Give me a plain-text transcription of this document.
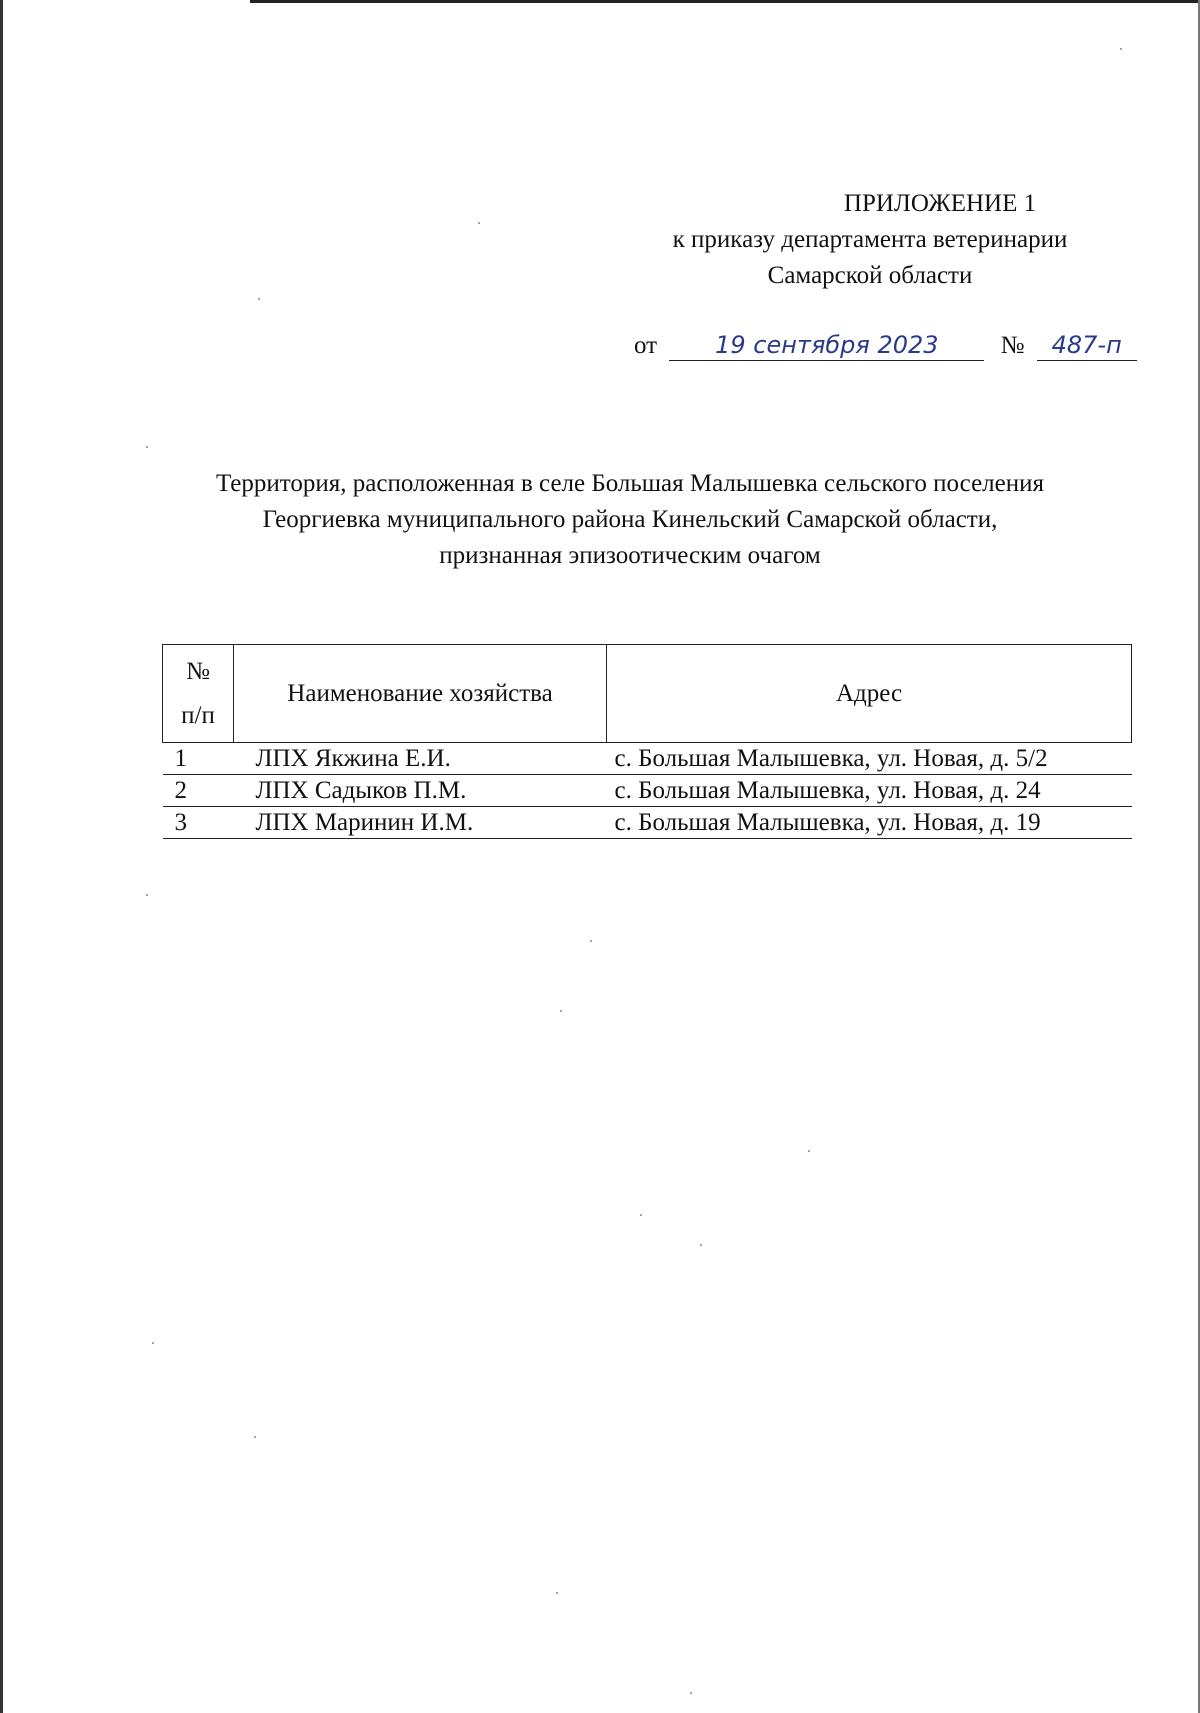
ПРИЛОЖЕНИЕ 1
к приказу департамента ветеринарии
Самарской области
от 19 сентября 2023 № 487-п
Территория, расположенная в селе Большая Малышевка сельского поселения
Георгиевка муниципального района Кинельский Самарской области,
признанная эпизоотическим очагом
№
п/п	Наименование хозяйства	Адрес
1	ЛПХ Якжина Е.И.	с. Большая Малышевка, ул. Новая, д. 5/2
2	ЛПХ Садыков П.М.	с. Большая Малышевка, ул. Новая, д. 24
3	ЛПХ Маринин И.М.	с. Большая Малышевка, ул. Новая, д. 19
